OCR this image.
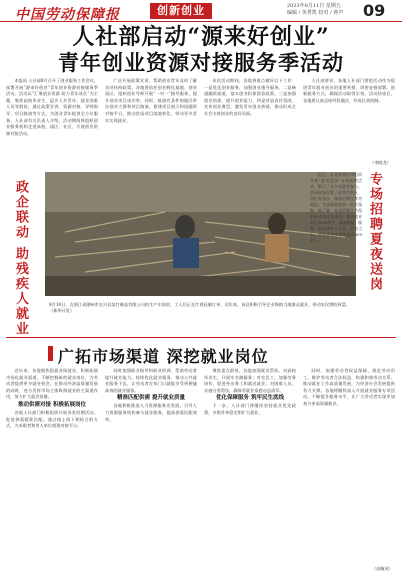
中国劳动保障报	创新创业	2023年8月11日 星期五
编辑 / 英菁凯 校对 / 钟声 09
人社部启动“源来好创业”
青年创业资源对接服务季活动

本报讯 人社部8月召开了创业服务工作会议，部署开展“源来好创业”青年创业资源对接服务季活动。活动以“汇聚创业资源 助力青年成长”为主题，聚焦高校毕业生、返乡入乡青年、就业困难人员等群体，通过政策宣讲、资源对接、导师指导、项目路演等方式，为创业青年提供全方位服务。人社部有关负责人介绍，活动期间将组织创业服务机构走进高校、园区、社区，开展创业资源对接活动。

广泛开展政策宣讲，帮助创业青年及时了解各项扶持政策。各地要依托创业孵化基地、创业园区，组织创业导师开展“一对一”指导服务，提升创业项目成功率。同时，鼓励有条件的地区举办创业大赛和项目路演，搭建项目展示和投融资对接平台，推动优质项目落地转化，带动更多青年实现就业。

本次活动期间，各地将重点做好以下工作：一是优化创业服务，加强创业指导服务。二是畅通融资渠道，落实创业担保贷款政策。三是加强创业培训，提升创业能力。四是营造良好氛围，宣传创业典型，激发青年创业热情，推动形成全社会支持创业的良好局面。

人社部要求，各地人社部门要把活动作为促进青年就业创业的重要举措，周密安排部署，创新服务方式，确保活动取得实效。活动结束后，各地要认真总结经验做法，形成长效机制。

（李晓龙）
政企联动 助残疾人就业	8月10日，在浙江省湖州市长兴县某竹制品有限公司的生产车间里，工人们正在忙着赶制订单。近年来，该县积极引导企业吸纳当地群众就业，带动农民增收致富。（新华社发）
专场招聘夏夜送岗

近日，河北省邢台市组织开展“夏夜送岗”专场招聘活动，吸引了众多求职者参与。活动现场设置了政策咨询区、岗位发布区、现场招聘区等功能区，为求职者提供一站式服务。据了解，本次招聘会共组织80余家企业参会，提供就业岗位2000余个，涵盖制造、服务、电商等多个行业。活动当天，共达成初步就业意向300余人。

广拓市场渠道 深挖就业岗位

近年来，各地聚焦稳就业保就业，积极拓展市场化就业渠道，不断挖掘新的就业岗位，为劳动者提供更多就业机会。在推动经济高质量发展的同时，充分发挥市场主体吸纳就业的主渠道作用，努力扩大就业容量。

推动供需对接 积极拓展岗位

各地人社部门积极组织开展各类招聘活动，促进供需精准匹配。通过线上线下相结合的方式，为求职者和用人单位搭建对接平台。

同时加强职业指导和职业培训，帮助劳动者提升就业能力。持续优化就业服务，推动公共就业服务下沉，让劳动者在家门口就能享受到便捷高效的就业服务。

精准匹配供需 提升就业质量

各地积极推进人力资源服务业发展，引导人力资源服务机构参与就业服务，提高供需匹配效率。

聚焦重点群体，各地加强就业帮扶。对高校毕业生，开展实名制服务；对农民工，加强劳务协作，促进外出务工和就近就业；对困难人员，实施分类帮扶，确保零就业家庭动态清零。

优化保障服务 筑牢民生底线

下一步，人社部门将继续坚持就业优先政策，多措并举稳定和扩大就业。

同时，加强劳动者权益保障，规范劳动用工，维护劳动者合法权益，构建和谐劳动关系。推动就业工作高质量发展，为经济社会发展提供有力支撑。各地将继续深入开展就业服务专项活动，不断提升服务水平，让广大劳动者实现更加充分更高质量就业。

（高毓英）
